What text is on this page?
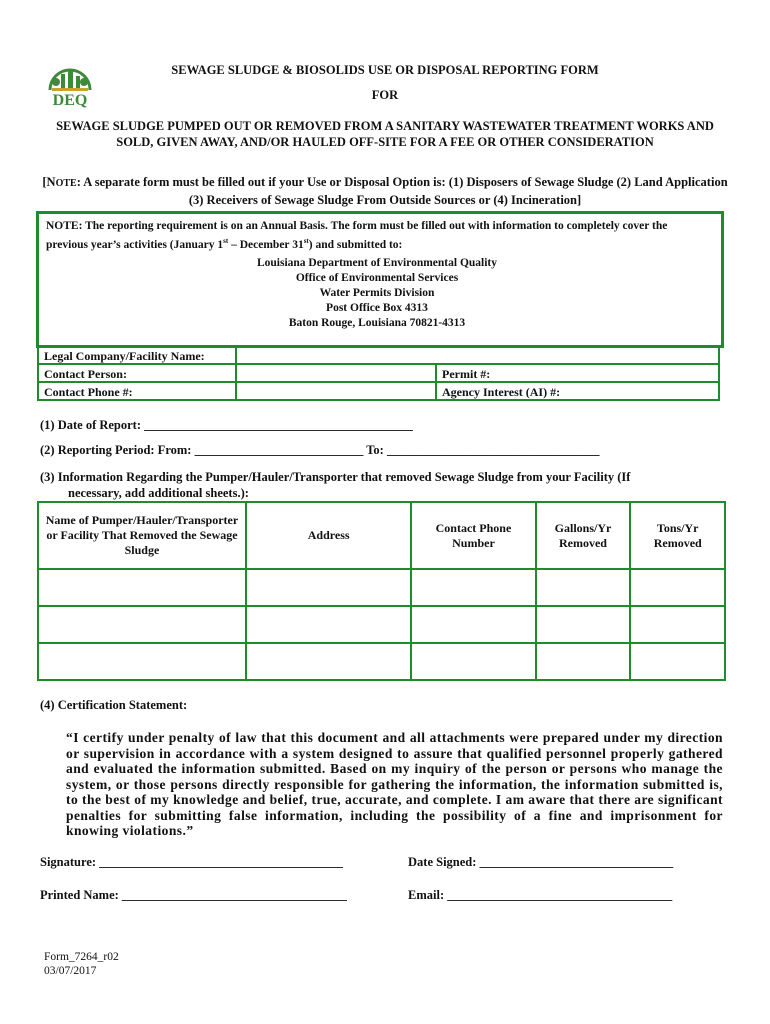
DEQ
SEWAGE SLUDGE & BIOSOLIDS USE OR DISPOSAL REPORTING FORM
FOR
SEWAGE SLUDGE PUMPED OUT OR REMOVED FROM A SANITARY WASTEWATER TREATMENT WORKS AND SOLD, GIVEN AWAY, AND/OR HAULED OFF-SITE FOR A FEE OR OTHER CONSIDERATION
[NOTE: A separate form must be filled out if your Use or Disposal Option is: (1) Disposers of Sewage Sludge (2) Land Application (3) Receivers of Sewage Sludge From Outside Sources or (4) Incineration]
NOTE: The reporting requirement is on an Annual Basis. The form must be filled out with information to completely cover the previous year’s activities (January 1st – December 31st) and submitted to:
Louisiana Department of Environmental Quality
Office of Environmental Services
Water Permits Division
Post Office Box 4313
Baton Rouge, Louisiana 70821-4313
Legal Company/Facility Name:
Contact Person:	Permit #:
Contact Phone #:	Agency Interest (AI) #:
(1) Date of Report: ___________________________________________
(2) Reporting Period: From: ___________________________ To: __________________________________
(3) Information Regarding the Pumper/Hauler/Transporter that removed Sewage Sludge from your Facility (If
necessary, add additional sheets.):
Name of Pumper/Hauler/Transporter or Facility That Removed the Sewage Sludge	Address	Contact Phone Number	Gallons/Yr Removed	Tons/Yr Removed

(4) Certification Statement:
“I certify under penalty of law that this document and all attachments were prepared under my direction or supervision in accordance with a system designed to assure that qualified personnel properly gathered and evaluated the information submitted. Based on my inquiry of the person or persons who manage the system, or those persons directly responsible for gathering the information, the information submitted is, to the best of my knowledge and belief, true, accurate, and complete. I am aware that there are significant penalties for submitting false information, including the possibility of a fine and imprisonment for knowing violations.”
Signature: _______________________________________	Date Signed: _______________________________
Printed Name: ____________________________________	Email: ____________________________________
Form_7264_r02
03/07/2017
